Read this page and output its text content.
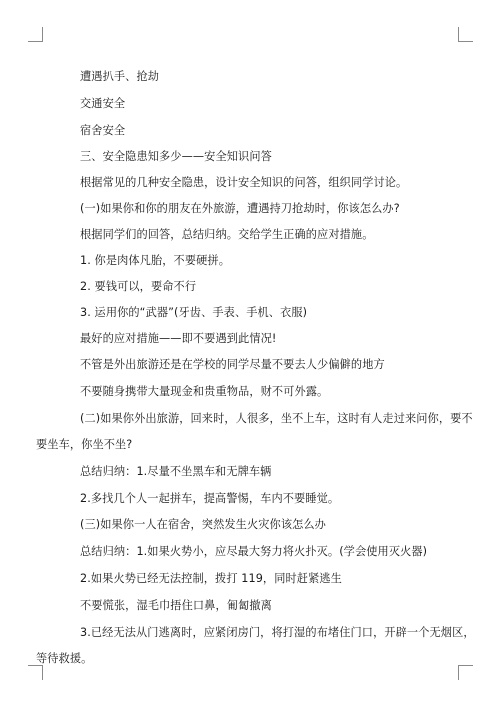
遭遇扒手、抢劫
交通安全
宿舍安全
三、安全隐患知多少——安全知识问答
根据常见的几种安全隐患，设计安全知识的问答，组织同学讨论。
(一)如果你和你的朋友在外旅游，遭遇持刀抢劫时，你该怎么办?
根据同学们的回答，总结归纳。交给学生正确的应对措施。
1. 你是肉体凡胎，不要硬拼。
2. 要钱可以，要命不行
3. 运用你的“武器”(牙齿、手表、手机、衣服)
最好的应对措施——即不要遇到此情况!
不管是外出旅游还是在学校的同学尽量不要去人少偏僻的地方
不要随身携带大量现金和贵重物品，财不可外露。
(二)如果你外出旅游，回来时，人很多，坐不上车，这时有人走过来问你，要不
要坐车，你坐不坐?
总结归纳：1.尽量不坐黑车和无牌车辆
2.多找几个人一起拼车，提高警惕，车内不要睡觉。
(三)如果你一人在宿舍，突然发生火灾你该怎么办
总结归纳：1.如果火势小，应尽最大努力将火扑灭。(学会使用灭火器)
2.如果火势已经无法控制，拨打 119，同时赶紧逃生
不要慌张，湿毛巾捂住口鼻，匍匐撤离
3.已经无法从门逃离时，应紧闭房门，将打湿的布堵住门口，开辟一个无烟区，
等待救援。
